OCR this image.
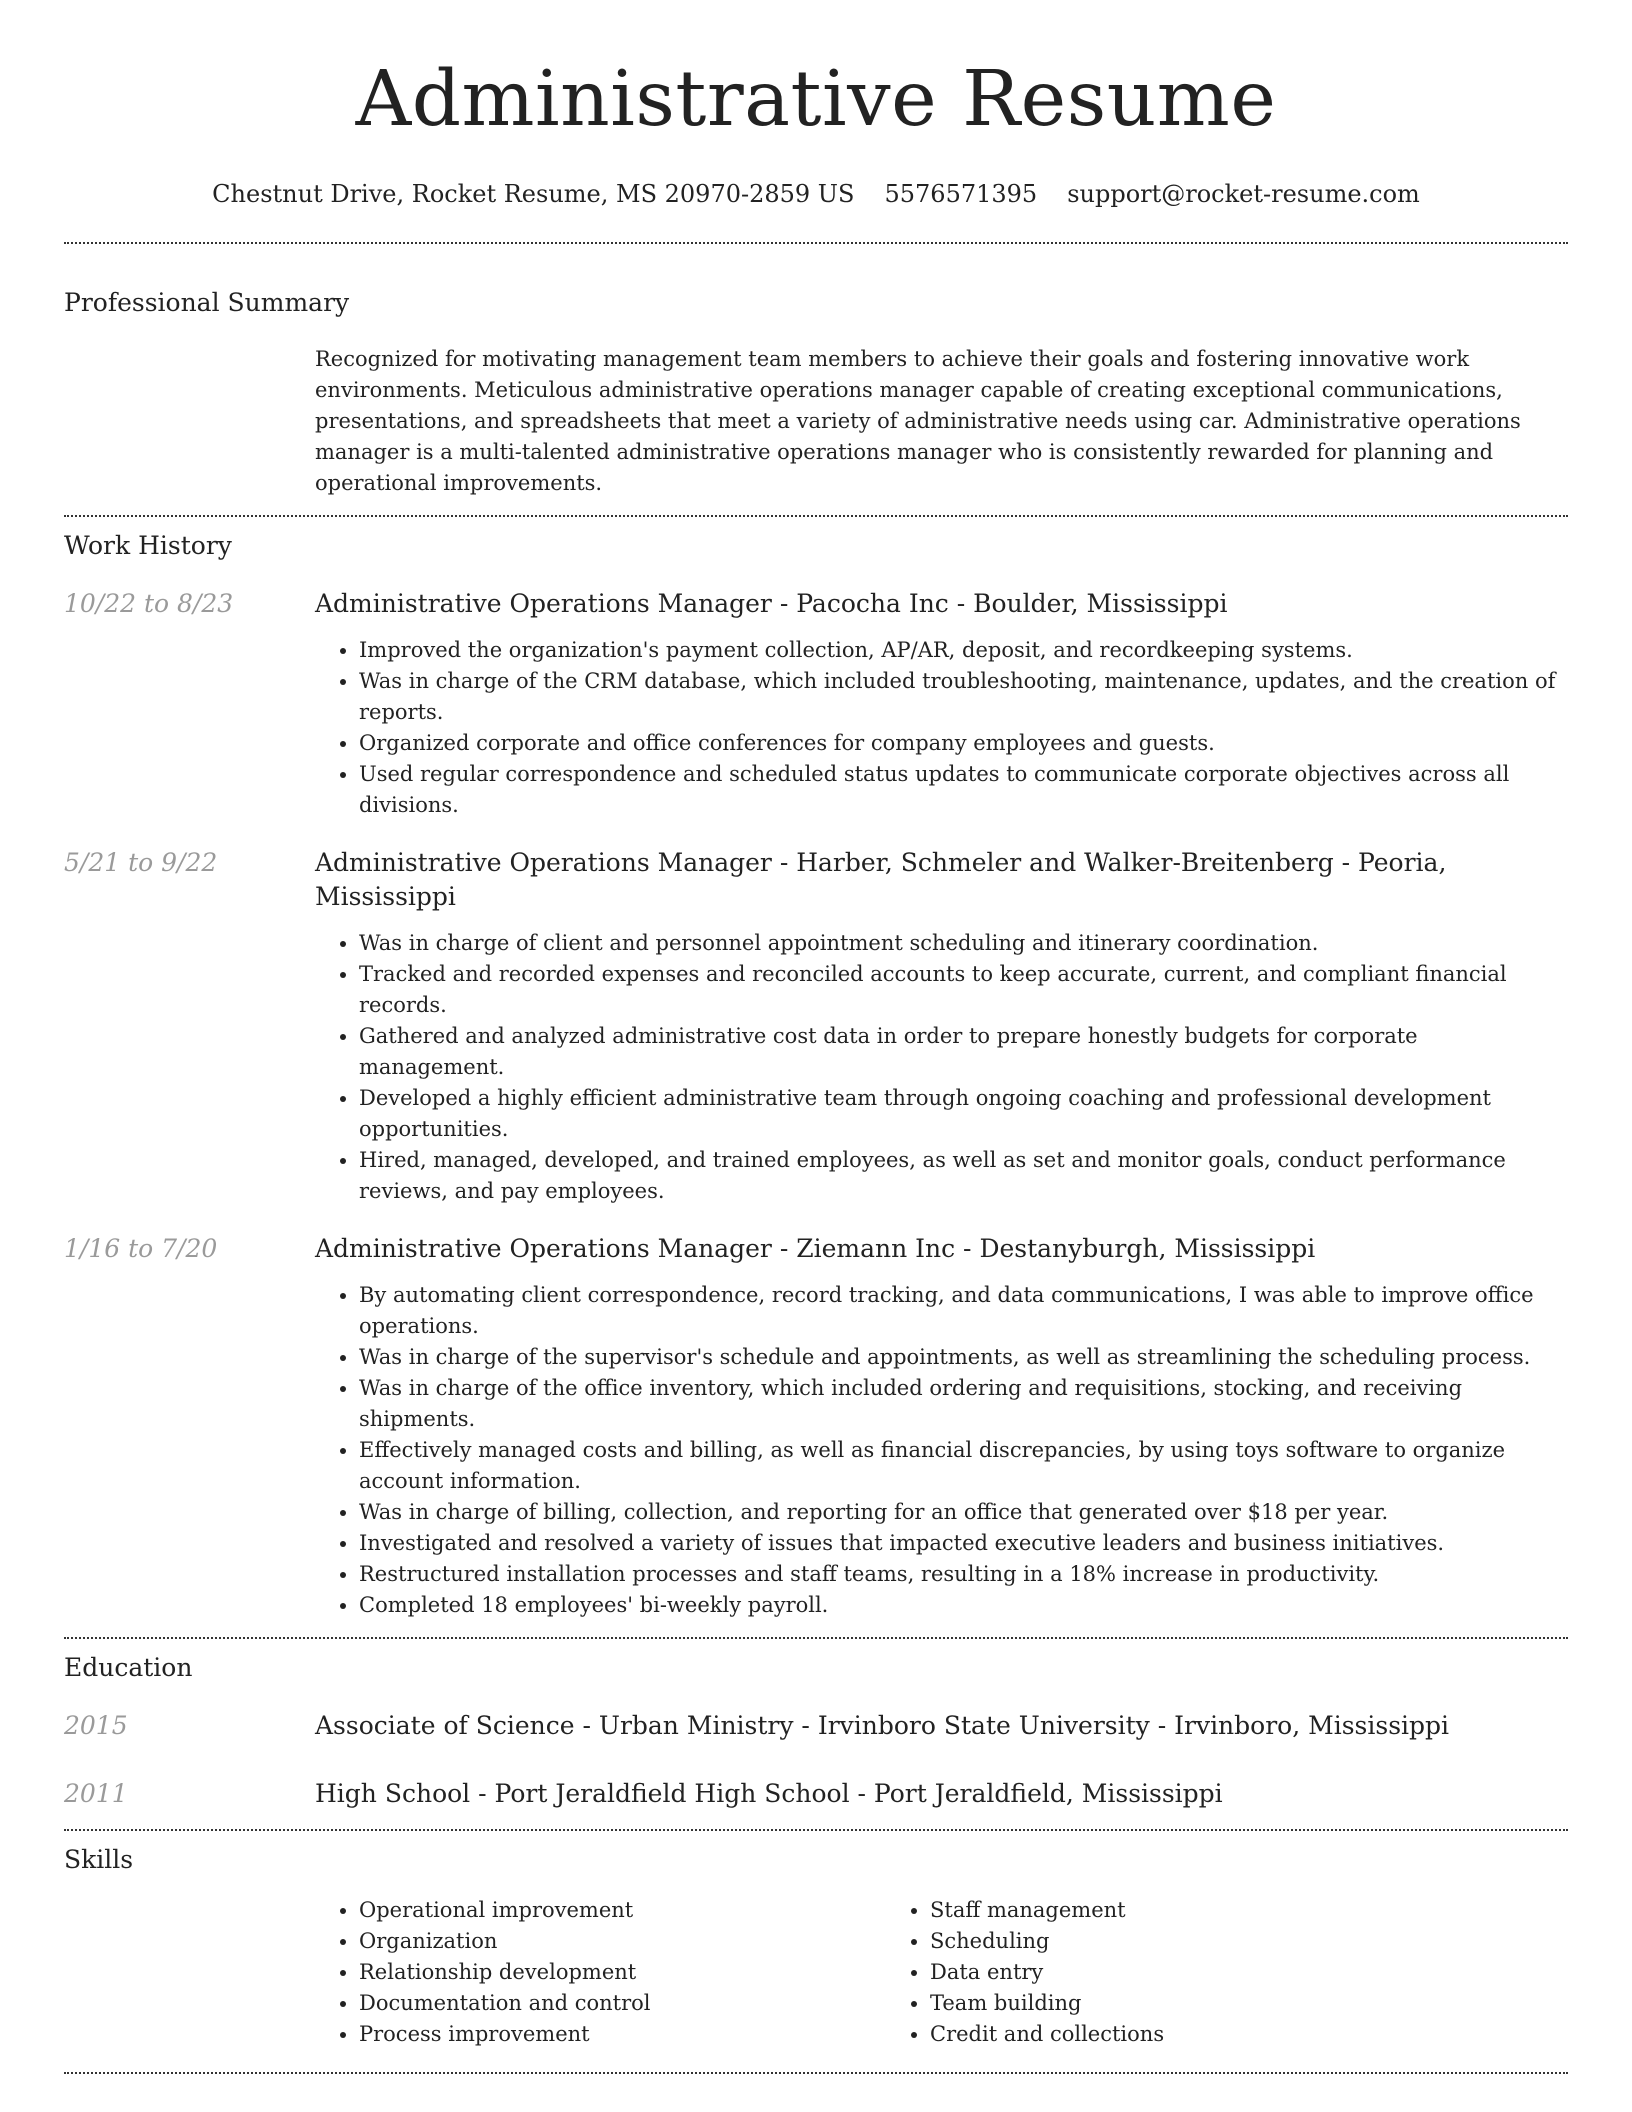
Administrative Resume
Chestnut Drive, Rocket Resume, MS 20970-2859 US 5576571395 support@rocket-resume.com
Professional Summary

Recognized for motivating management team members to achieve their goals and fostering innovative work environments. Meticulous administrative operations manager capable of creating exceptional communications, presentations, and spreadsheets that meet a variety of administrative needs using car. Administrative operations manager is a multi-talented administrative operations manager who is consistently rewarded for planning and operational improvements.

Work History
10/22 to 8/23	Administrative Operations Manager - Pacocha Inc - Boulder, Mississippi
• Improved the organization's payment collection, AP/AR, deposit, and recordkeeping systems.
• Was in charge of the CRM database, which included troubleshooting, maintenance, updates, and the creation of reports.
• Organized corporate and office conferences for company employees and guests.
• Used regular correspondence and scheduled status updates to communicate corporate objectives across all divisions.
5/21 to 9/22	Administrative Operations Manager - Harber, Schmeler and Walker-Breitenberg - Peoria, Mississippi
• Was in charge of client and personnel appointment scheduling and itinerary coordination.
• Tracked and recorded expenses and reconciled accounts to keep accurate, current, and compliant financial records.
• Gathered and analyzed administrative cost data in order to prepare honestly budgets for corporate management.
• Developed a highly efficient administrative team through ongoing coaching and professional development opportunities.
• Hired, managed, developed, and trained employees, as well as set and monitor goals, conduct performance reviews, and pay employees.
1/16 to 7/20	Administrative Operations Manager - Ziemann Inc - Destanyburgh, Mississippi
• By automating client correspondence, record tracking, and data communications, I was able to improve office operations.
• Was in charge of the supervisor's schedule and appointments, as well as streamlining the scheduling process.
• Was in charge of the office inventory, which included ordering and requisitions, stocking, and receiving shipments.
• Effectively managed costs and billing, as well as financial discrepancies, by using toys software to organize account information.
• Was in charge of billing, collection, and reporting for an office that generated over $18 per year.
• Investigated and resolved a variety of issues that impacted executive leaders and business initiatives.
• Restructured installation processes and staff teams, resulting in a 18% increase in productivity.
• Completed 18 employees' bi-weekly payroll.
Education
2015	Associate of Science - Urban Ministry - Irvinboro State University - Irvinboro, Mississippi
2011	High School - Port Jeraldfield High School - Port Jeraldfield, Mississippi
Skills
• Operational improvement
• Organization
• Relationship development
• Documentation and control
• Process improvement
• Staff management
• Scheduling
• Data entry
• Team building
• Credit and collections
